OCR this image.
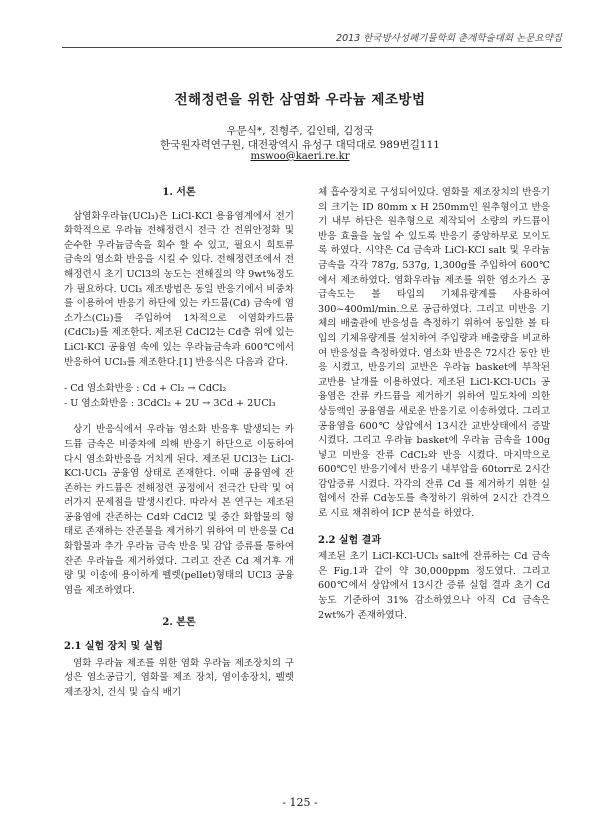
2013 한국방사성폐기물학회 춘계학술대회 논문요약집
전해정련을 위한 삼염화 우라늄 제조방법
우문식*, 진형주, 김인태, 김정국
한국원자력연구원, 대전광역시 유성구 대덕대로 989번길111
mswoo@kaeri.re.kr
1. 서론

삼염화우라늄(UCl₃)은 LiCl-KCl 용융염계에서 전기화학적으로 우라늄 전해정련시 전극 간 전위안정화 및 순수한 우라늄금속을 회수 할 수 있고, 필요시 희토류 금속의 염소화 반응을 시킬 수 있다. 전해정련조에서 전해정련시 초기 UCl3의 농도는 전해질의 약 9wt%정도가 필요하다. UCl₃ 제조방법은 동일 반응기에서 비중차를 이용하여 반응기 하단에 있는 카드뮴(Cd) 금속에 염소가스(Cl₂)를 주입하여 1차적으로 이염화카드뮴(CdCl₂)를 제조한다. 제조된 CdCl2는 Cd층 위에 있는 LiCl-KCl 공융염 속에 있는 우라늄금속과 600℃에서 반응하여 UCl₃를 제조한다.[1] 반응식은 다음과 같다.

- Cd 염소화반응 : Cd + Cl₂ → CdCl₂

- U 염소화반응 : 3CdCl₂ + 2U → 3Cd + 2UCl₃

상기 반응식에서 우라늄 염소화 반응후 발생되는 카드뮴 금속은 비중차에 의해 반응기 하단으로 이동하여 다시 염소화반응을 거치게 된다. 제조된 UCl3는 LiCl-KCl-UCl₃ 공융염 상태로 존재한다. 이때 공융염에 잔존하는 카드뮴은 전해정련 공정에서 전극간 단락 및 여러가지 문제점을 발생시킨다. 따라서 본 연구는 제조된 공융염에 잔존하는 Cd와 CdCl2 및 중간 화합물의 형태로 존재하는 잔존물을 제거하기 위하여 미 반응물 Cd 화합물과 추가 우라늄 금속 반응 및 감압 증류를 통하여 잔존 우라늄을 제거하였다. 그리고 잔존 Cd 제거후 개량 및 이송에 용이하게 펠렛(pellet)형태의 UCl3 공융염을 제조하였다.

2. 본론
2.1 실험 장치 및 실험

염화 우라늄 제조를 위한 염화 우라늄 제조장치의 구성은 염소공급기, 염화물 제조 장치, 염이송장치, 펠렛제조장치, 건식 및 습식 배기

체 흡수장치로 구성되어있다. 염화물 제조장치의 반응기의 크기는 ID 80mm x H 250mm인 원추형이고 반응기 내부 하단은 원추형으로 제작되어 소량의 카드뮴이 반응 효율을 높일 수 있도록 반응기 중앙하부로 모이도록 하였다. 시약은 Cd 금속과 LiCl-KCl salt 및 우라늄 금속을 각각 787g, 537g, 1,300g를 주입하여 600℃에서 제조하였다. 염화우라늄 제조를 위한 염소가스 공급속도는 볼 타입의 기체유량계를 사용하여 300~400ml/min.으로 공급하였다. 그리고 미반응 기체의 배출관에 반응성을 측정하기 위하여 동일한 볼 타입의 기체유량계를 설치하여 주입량과 배출량을 비교하여 반응성을 측정하였다. 염소화 반응은 72시간 동안 반응 시켰고, 반응기의 교반은 우라늄 basket에 부착된 교반용 날개를 이용하였다. 제조된 LiCl-KCl-UCl₃ 공융염은 잔류 카드뮴을 제거하기 위하여 밀도차에 의한 상등액인 공융염을 새로운 반응기로 이송하였다. 그리고 공융염을 600℃ 상압에서 13시간 교반상태에서 증발시켰다. 그리고 우라늄 basket에 우라늄 금속을 100g 넣고 미반응 잔류 CdCl₂와 반응 시켰다. 마지막으로 600℃인 반응기에서 반응기 내부압을 60torr로 2시간 감압증류 시켰다. 각각의 잔류 Cd 를 제거하기 위한 실험에서 잔류 Cd농도를 측정하기 위하여 2시간 간격으로 시료 채취하여 ICP 분석을 하였다.

2.2 실험 결과

제조된 초기 LiCl-KCl-UCl₃ salt에 잔류하는 Cd 금속은 Fig.1과 같이 약 30,000ppm 정도였다. 그리고 600℃에서 상압에서 13시간 증류 실험 결과 초기 Cd 농도 기준하여 31% 감소하였으나 아직 Cd 금속은 2wt%가 존재하였다.

- 125 -
